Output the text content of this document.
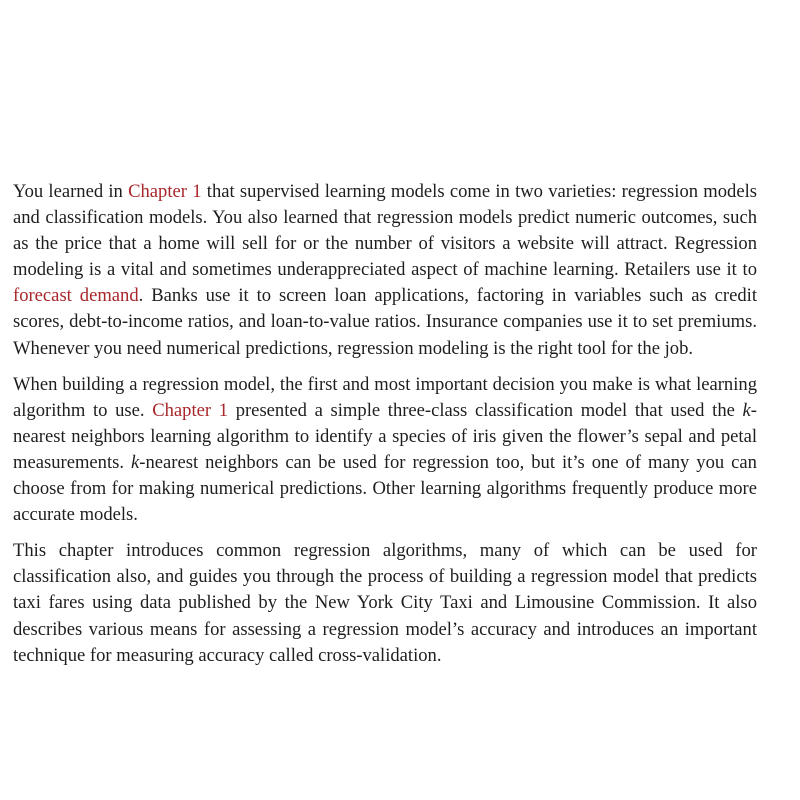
You learned in Chapter 1 that supervised learning models come in two varieties: regression models and classification models. You also learned that regression models predict numeric outcomes, such as the price that a home will sell for or the number of visitors a website will attract. Regression modeling is a vital and sometimes underappreciated aspect of machine learning. Retailers use it to forecast demand. Banks use it to screen loan applications, factoring in variables such as credit scores, debt-to-income ratios, and loan-to-value ratios. Insurance companies use it to set premiums. Whenever you need numerical predictions, regression modeling is the right tool for the job.

When building a regression model, the first and most important decision you make is what learning algorithm to use. Chapter 1 presented a simple three-class classification model that used the k-nearest neighbors learning algorithm to identify a species of iris given the flower’s sepal and petal measurements. k-nearest neighbors can be used for regression too, but it’s one of many you can choose from for making numerical predictions. Other learning algorithms frequently produce more accurate models.

This chapter introduces common regression algorithms, many of which can be used for classification also, and guides you through the process of building a regression model that predicts taxi fares using data published by the New York City Taxi and Limousine Commission. It also describes various means for assessing a regression model’s accuracy and introduces an important technique for measuring accuracy called cross-validation.
